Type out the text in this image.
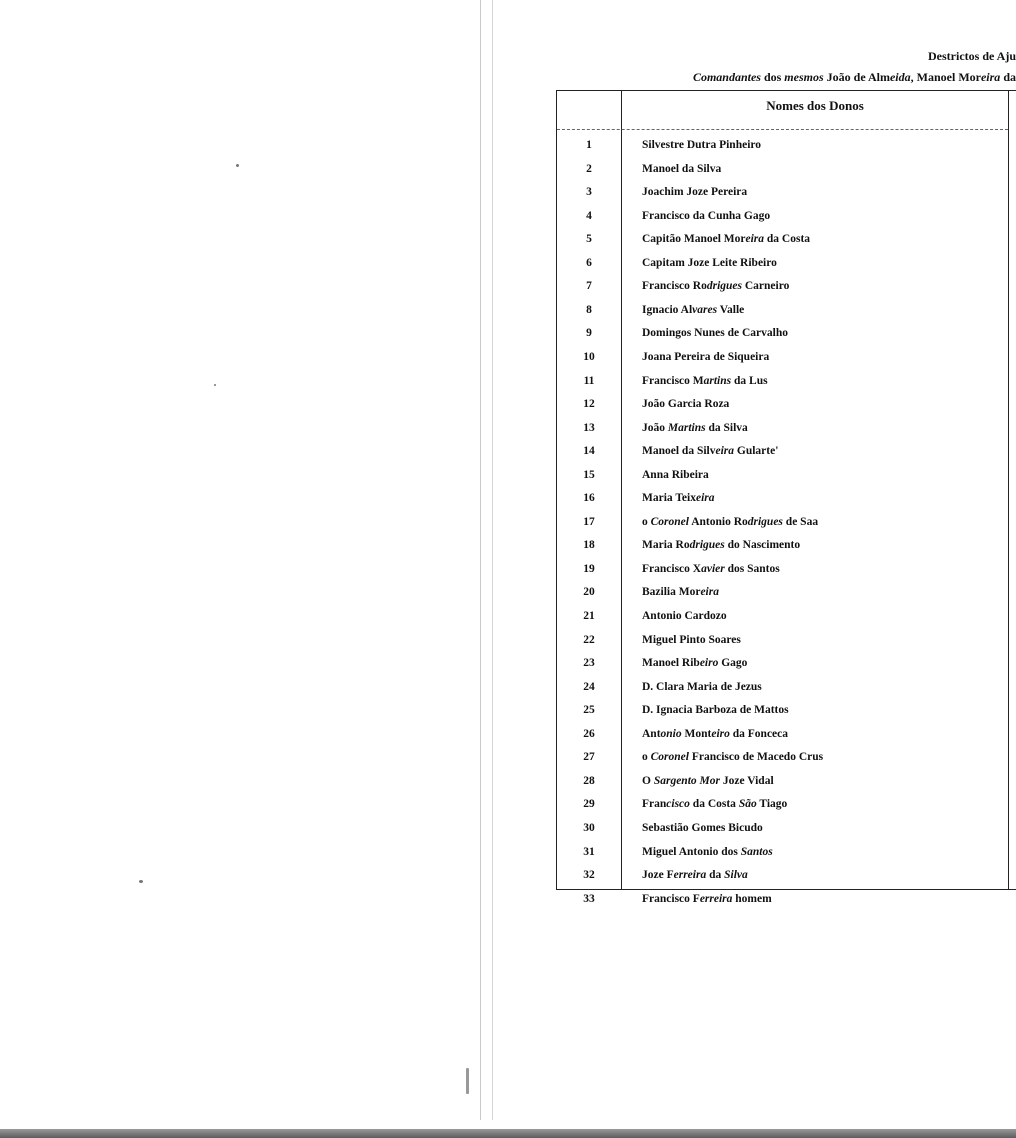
Destrictos de Aju
Comandantes dos mesmos João de Almeida, Manoel Moreira da
Nomes dos Donos
1	Silvestre Dutra Pinheiro
2	Manoel da Silva
3	Joachim Joze Pereira
4	Francisco da Cunha Gago
5	Capitão Manoel Moreira da Costa
6	Capitam Joze Leite Ribeiro
7	Francisco Rodrigues Carneiro
8	Ignacio Alvares Valle
9	Domingos Nunes de Carvalho
10	Joana Pereira de Siqueira
11	Francisco Martins da Lus
12	João Garcia Roza
13	João Martins da Silva
14	Manoel da Silveira Gularte'
15	Anna Ribeira
16	Maria Teixeira
17	o Coronel Antonio Rodrigues de Saa
18	Maria Rodrigues do Nascimento
19	Francisco Xavier dos Santos
20	Bazilia Moreira
21	Antonio Cardozo
22	Miguel Pinto Soares
23	Manoel Ribeiro Gago
24	D. Clara Maria de Jezus
25	D. Ignacia Barboza de Mattos
26	Antonio Monteiro da Fonceca
27	o Coronel Francisco de Macedo Crus
28	O Sargento Mor Joze Vidal
29	Francisco da Costa São Tiago
30	Sebastião Gomes Bicudo
31	Miguel Antonio dos Santos
32	Joze Ferreira da Silva
33	Francisco Ferreira homem
